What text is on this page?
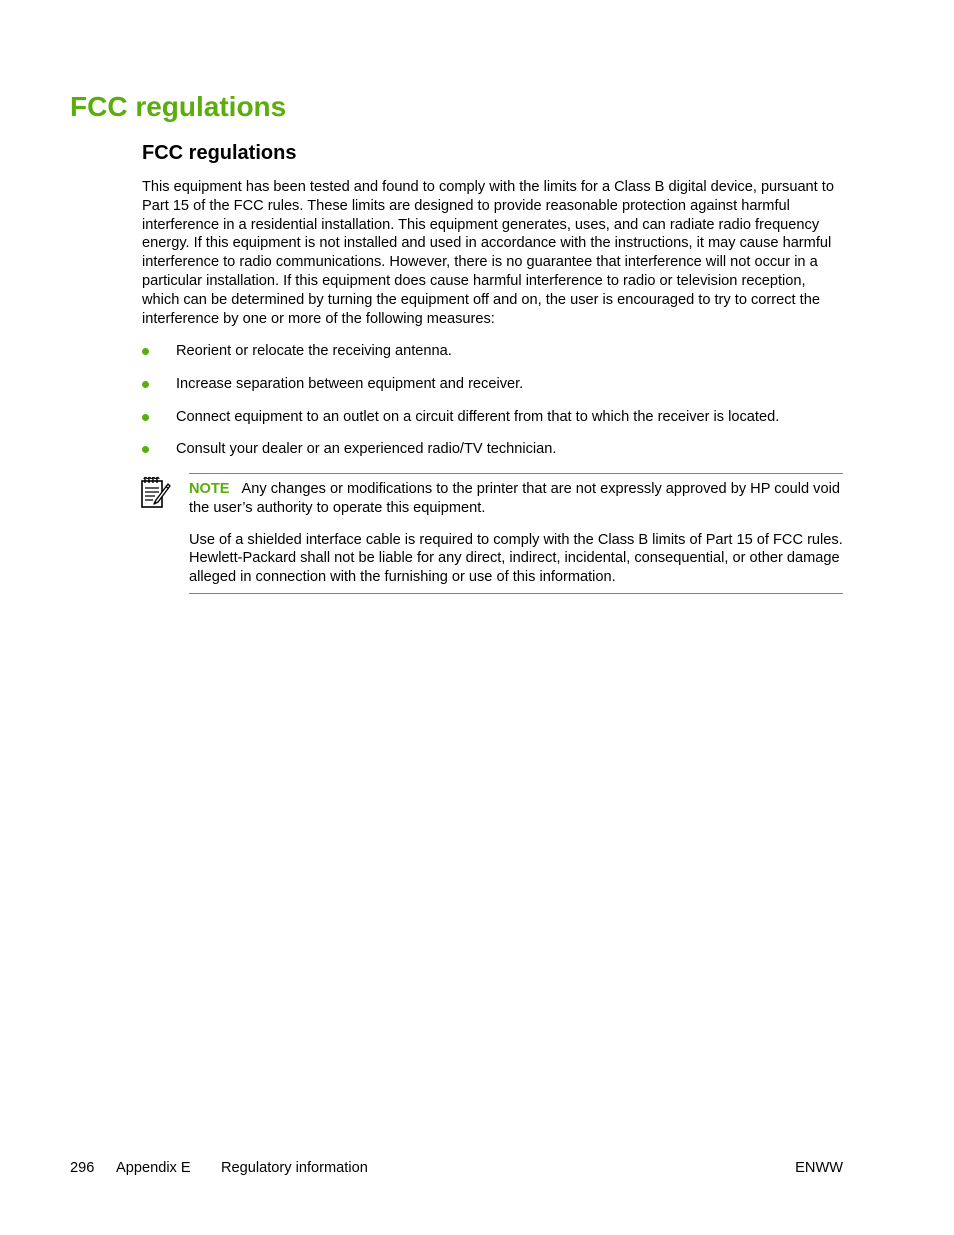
FCC regulations
FCC regulations

This equipment has been tested and found to comply with the limits for a Class B digital device, pursuant to Part 15 of the FCC rules. These limits are designed to provide reasonable protection against harmful interference in a residential installation. This equipment generates, uses, and can radiate radio frequency energy. If this equipment is not installed and used in accordance with the instructions, it may cause harmful interference to radio communications. However, there is no guarantee that interference will not occur in a particular installation. If this equipment does cause harmful interference to radio or television reception, which can be determined by turning the equipment off and on, the user is encouraged to try to correct the interference by one or more of the following measures:

Reorient or relocate the receiving antenna.
Increase separation between equipment and receiver.
Connect equipment to an outlet on a circuit different from that to which the receiver is located.
Consult your dealer or an experienced radio/TV technician.

NOTE Any changes or modifications to the printer that are not expressly approved by HP could void the user’s authority to operate this equipment.

Use of a shielded interface cable is required to comply with the Class B limits of Part 15 of FCC rules. Hewlett-Packard shall not be liable for any direct, indirect, incidental, consequential, or other damage alleged in connection with the furnishing or use of this information.

296 Appendix E Regulatory information	ENWW
